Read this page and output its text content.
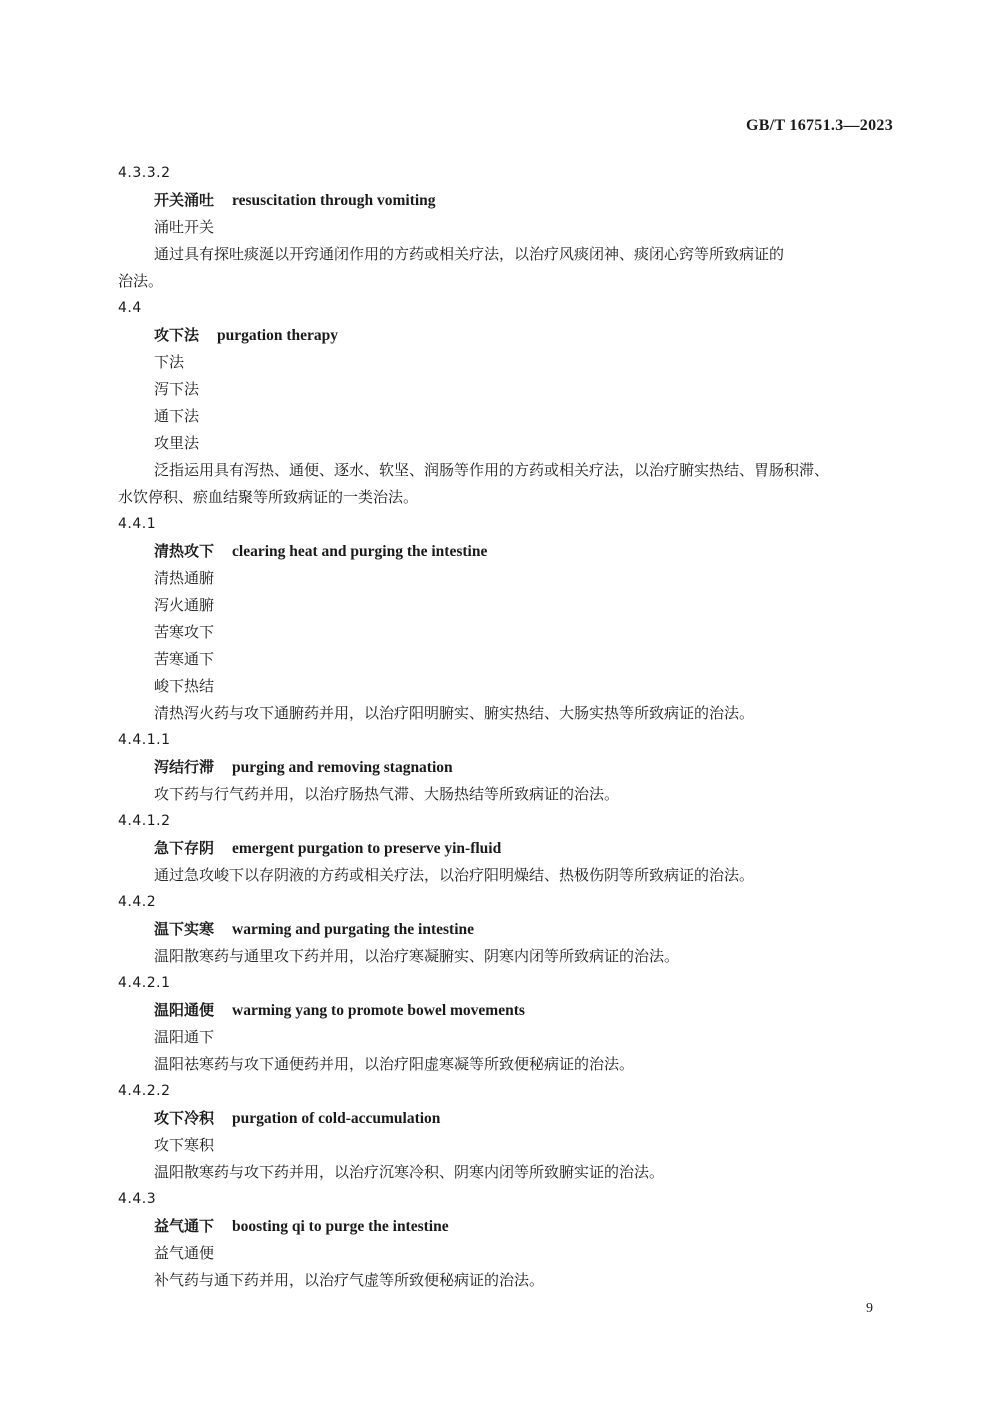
GB/T 16751.3—2023
4.3.3.2
开关涌吐 resuscitation through vomiting
涌吐开关
通过具有探吐痰涎以开窍通闭作用的方药或相关疗法，以治疗风痰闭神、痰闭心窍等所致病证的
治法。
4.4
攻下法 purgation therapy
下法
泻下法
通下法
攻里法
泛指运用具有泻热、通便、逐水、软坚、润肠等作用的方药或相关疗法，以治疗腑实热结、胃肠积滞、
水饮停积、瘀血结聚等所致病证的一类治法。
4.4.1
清热攻下 clearing heat and purging the intestine
清热通腑
泻火通腑
苦寒攻下
苦寒通下
峻下热结
清热泻火药与攻下通腑药并用，以治疗阳明腑实、腑实热结、大肠实热等所致病证的治法。
4.4.1.1
泻结行滞 purging and removing stagnation
攻下药与行气药并用，以治疗肠热气滞、大肠热结等所致病证的治法。
4.4.1.2
急下存阴 emergent purgation to preserve yin-fluid
通过急攻峻下以存阴液的方药或相关疗法，以治疗阳明燥结、热极伤阴等所致病证的治法。
4.4.2
温下实寒 warming and purgating the intestine
温阳散寒药与通里攻下药并用，以治疗寒凝腑实、阴寒内闭等所致病证的治法。
4.4.2.1
温阳通便 warming yang to promote bowel movements
温阳通下
温阳祛寒药与攻下通便药并用，以治疗阳虚寒凝等所致便秘病证的治法。
4.4.2.2
攻下冷积 purgation of cold-accumulation
攻下寒积
温阳散寒药与攻下药并用，以治疗沉寒冷积、阴寒内闭等所致腑实证的治法。
4.4.3
益气通下 boosting qi to purge the intestine
益气通便
补气药与通下药并用，以治疗气虚等所致便秘病证的治法。
9
